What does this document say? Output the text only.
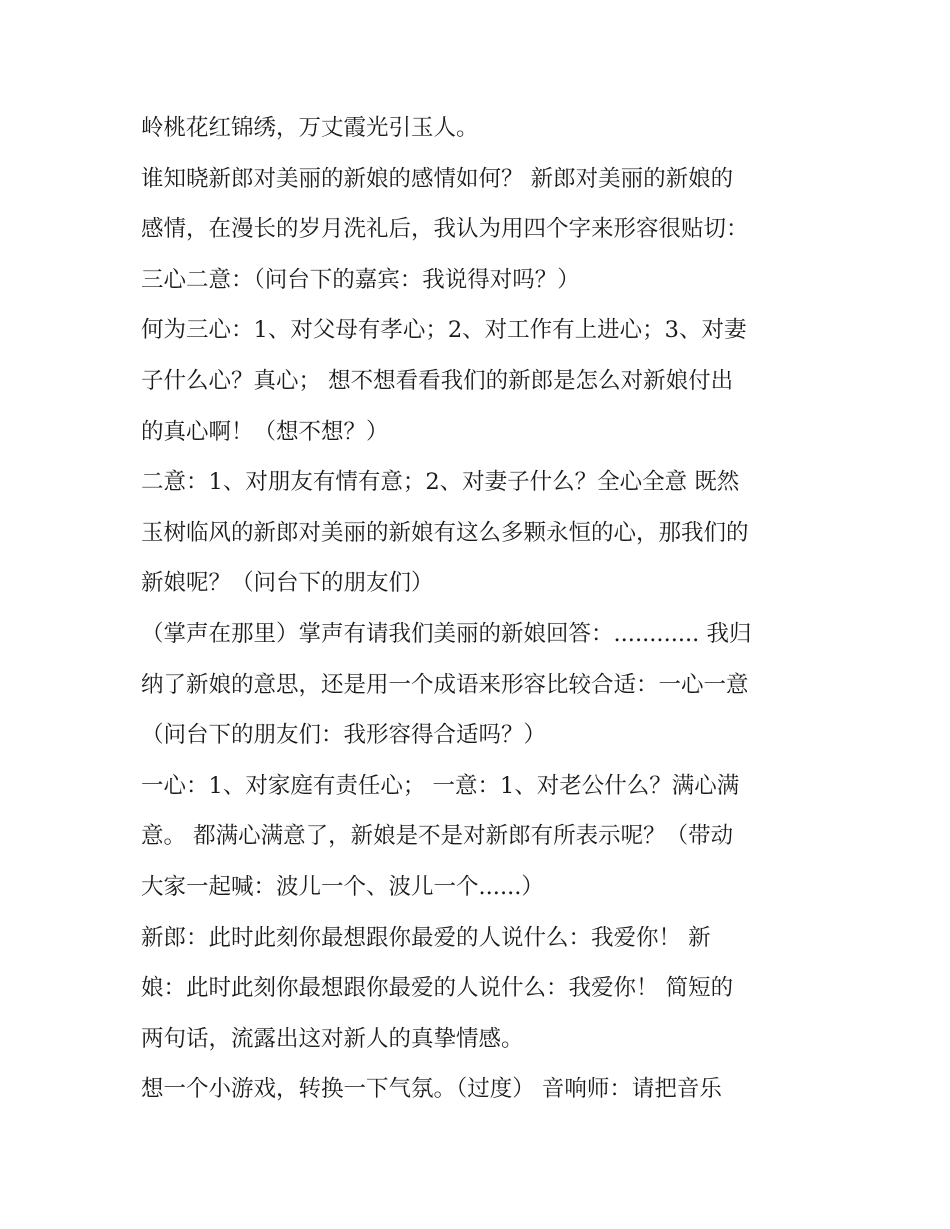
岭桃花红锦绣，万丈霞光引玉人。

谁知晓新郎对美丽的新娘的感情如何？ 新郎对美丽的新娘的

感情，在漫长的岁月洗礼后，我认为用四个字来形容很贴切：

三心二意：（问台下的嘉宾：我说得对吗？）

何为三心：1、对父母有孝心；2、对工作有上进心；3、对妻

子什么心？真心； 想不想看看我们的新郎是怎么对新娘付出

的真心啊！（想不想？）

二意：1、对朋友有情有意；2、对妻子什么？全心全意 既然

玉树临风的新郎对美丽的新娘有这么多颗永恒的心，那我们的

新娘呢？（问台下的朋友们）

（掌声在那里）掌声有请我们美丽的新娘回答：............ 我归

纳了新娘的意思，还是用一个成语来形容比较合适：一心一意

（问台下的朋友们：我形容得合适吗？）

一心：1、对家庭有责任心； 一意：1、对老公什么？满心满

意。 都满心满意了，新娘是不是对新郎有所表示呢？（带动

大家一起喊：波儿一个、波儿一个......）

新郎：此时此刻你最想跟你最爱的人说什么：我爱你！ 新

娘：此时此刻你最想跟你最爱的人说什么：我爱你！ 简短的

两句话，流露出这对新人的真挚情感。

想一个小游戏，转换一下气氛。（过度） 音响师：请把音乐
